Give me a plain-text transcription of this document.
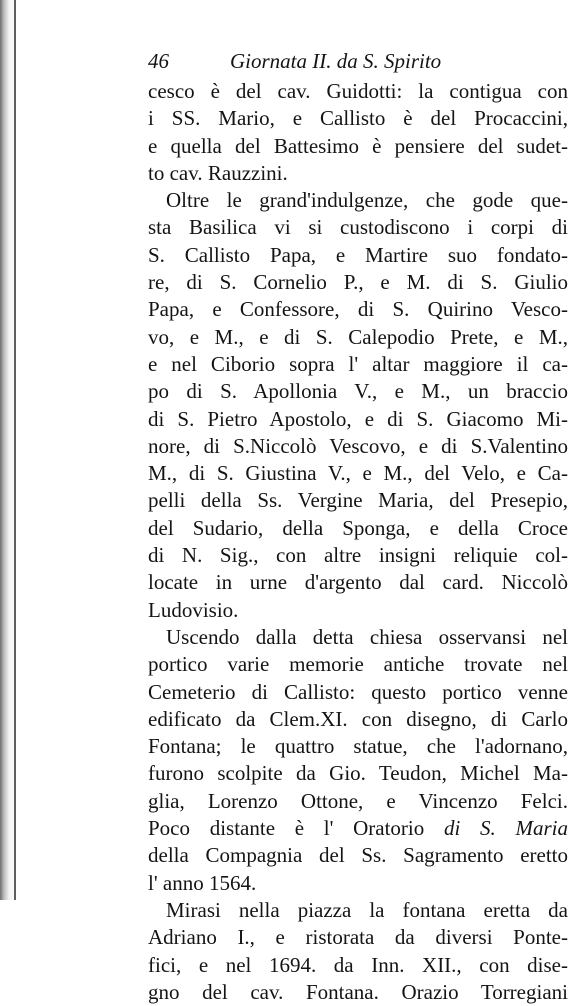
46	Giornata II. da S. Spirito
cesco è del cav. Guidotti: la contigua con
i SS. Mario, e Callisto è del Procaccini,
e quella del Battesimo è pensiere del sudet-
to cav. Rauzzini.
Oltre le grand'indulgenze, che gode que-
sta Basilica vi si custodiscono i corpi di
S. Callisto Papa, e Martire suo fondato-
re, di S. Cornelio P., e M. di S. Giulio
Papa, e Confessore, di S. Quirino Vesco-
vo, e M., e di S. Calepodio Prete, e M.,
e nel Ciborio sopra l' altar maggiore il ca-
po di S. Apollonia V., e M., un braccio
di S. Pietro Apostolo, e di S. Giacomo Mi-
nore, di S.Niccolò Vescovo, e di S.Valentino
M., di S. Giustina V., e M., del Velo, e Ca-
pelli della Ss. Vergine Maria, del Presepio,
del Sudario, della Sponga, e della Croce
di N. Sig., con altre insigni reliquie col-
locate in urne d'argento dal card. Niccolò
Ludovisio.
Uscendo dalla detta chiesa osservansi nel
portico varie memorie antiche trovate nel
Cemeterio di Callisto: questo portico venne
edificato da Clem.XI. con disegno, di Carlo
Fontana; le quattro statue, che l'adornano,
furono scolpite da Gio. Teudon, Michel Ma-
glia, Lorenzo Ottone, e Vincenzo Felci.
Poco distante è l' Oratorio di S. Maria
della Compagnia del Ss. Sagramento eretto
l' anno 1564.
Mirasi nella piazza la fontana eretta da
Adriano I., e ristorata da diversi Ponte-
fici, e nel 1694. da Inn. XII., con dise-
gno del cav. Fontana. Orazio Torregiani
